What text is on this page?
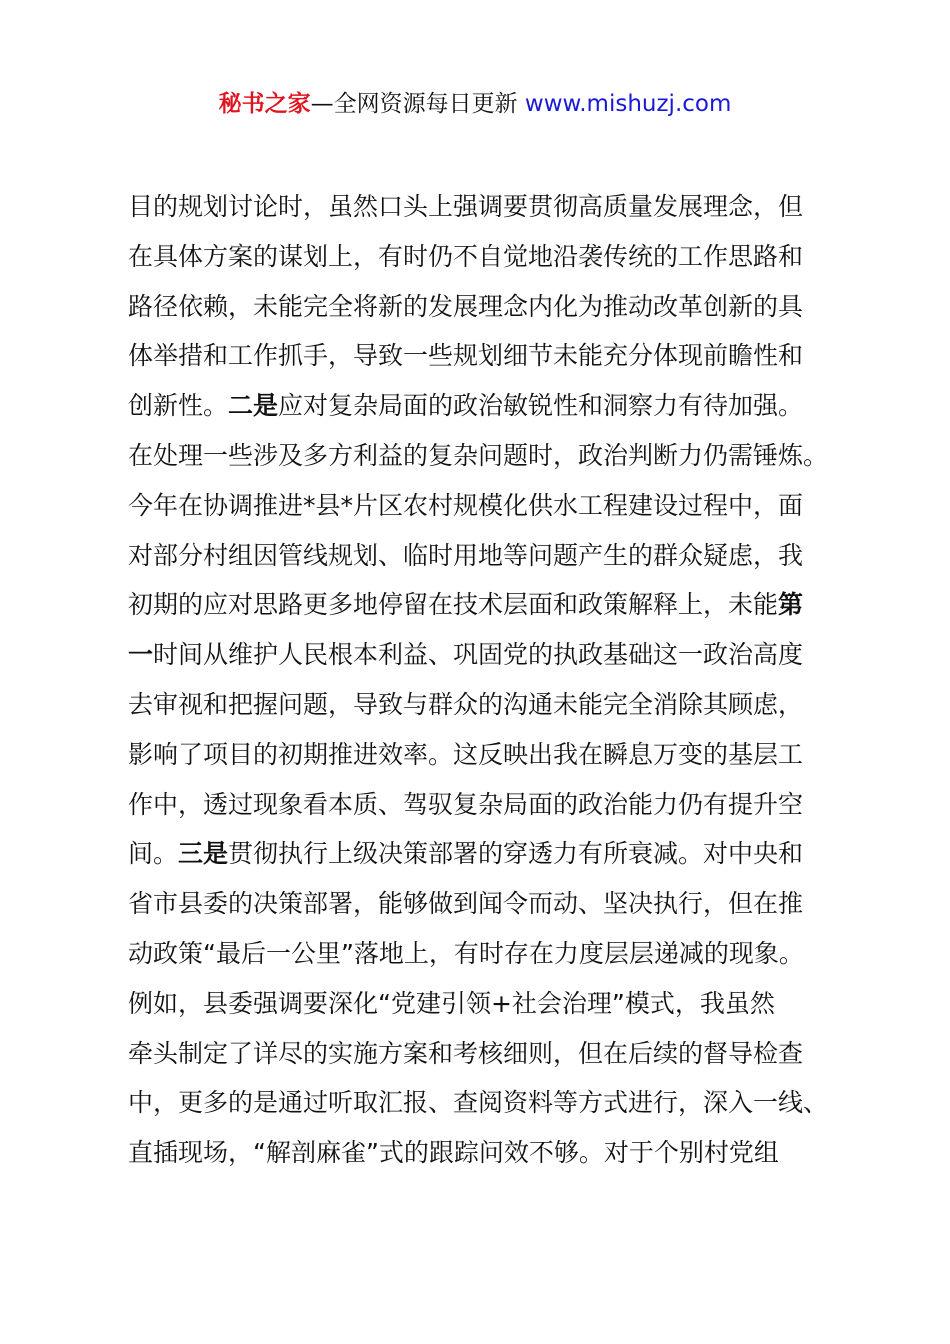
秘书之家—全网资源每日更新 www.mishuzj.com
目的规划讨论时，虽然口头上强调要贯彻高质量发展理念，但
在具体方案的谋划上，有时仍不自觉地沿袭传统的工作思路和
路径依赖，未能完全将新的发展理念内化为推动改革创新的具
体举措和工作抓手，导致一些规划细节未能充分体现前瞻性和
创新性。二是应对复杂局面的政治敏锐性和洞察力有待加强。
在处理一些涉及多方利益的复杂问题时，政治判断力仍需锤炼。
今年在协调推进*县*片区农村规模化供水工程建设过程中，面
对部分村组因管线规划、临时用地等问题产生的群众疑虑，我
初期的应对思路更多地停留在技术层面和政策解释上，未能第
一时间从维护人民根本利益、巩固党的执政基础这一政治高度
去审视和把握问题，导致与群众的沟通未能完全消除其顾虑，
影响了项目的初期推进效率。这反映出我在瞬息万变的基层工
作中，透过现象看本质、驾驭复杂局面的政治能力仍有提升空
间。三是贯彻执行上级决策部署的穿透力有所衰减。对中央和
省市县委的决策部署，能够做到闻令而动、坚决执行，但在推
动政策“最后一公里”落地上，有时存在力度层层递减的现象。
例如，县委强调要深化“党建引领+社会治理”模式，我虽然
牵头制定了详尽的实施方案和考核细则，但在后续的督导检查
中，更多的是通过听取汇报、查阅资料等方式进行，深入一线、
直插现场，“解剖麻雀”式的跟踪问效不够。对于个别村党组
